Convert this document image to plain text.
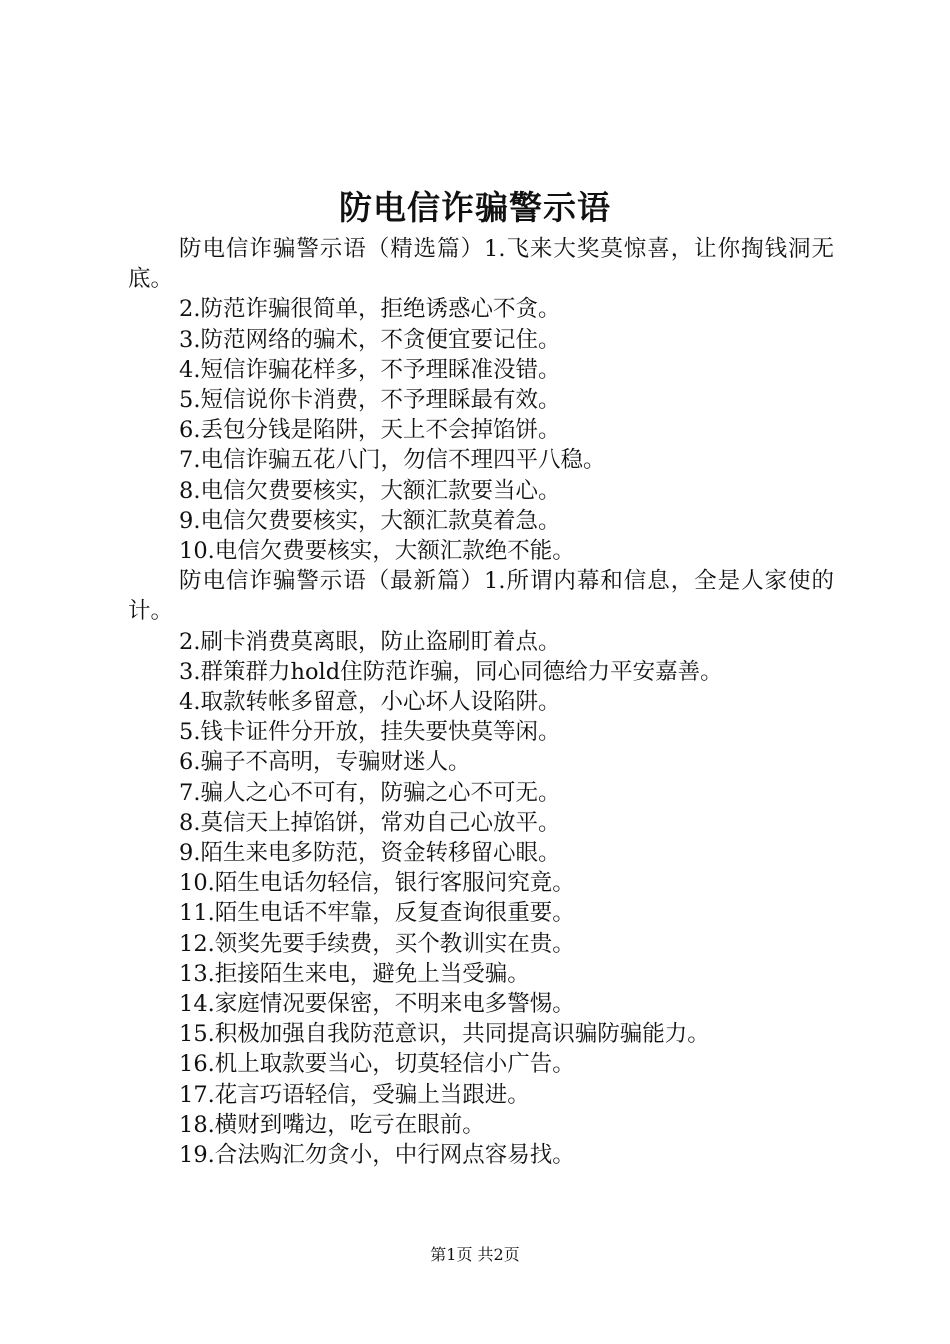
防电信诈骗警示语

防电信诈骗警示语（精选篇）1.飞来大奖莫惊喜，让你掏钱洞无底。

2.防范诈骗很简单，拒绝诱惑心不贪。

3.防范网络的骗术，不贪便宜要记住。

4.短信诈骗花样多，不予理睬准没错。

5.短信说你卡消费，不予理睬最有效。

6.丢包分钱是陷阱，天上不会掉馅饼。

7.电信诈骗五花八门，勿信不理四平八稳。

8.电信欠费要核实，大额汇款要当心。

9.电信欠费要核实，大额汇款莫着急。

10.电信欠费要核实，大额汇款绝不能。

防电信诈骗警示语（最新篇）1.所谓内幕和信息，全是人家使的计。

2.刷卡消费莫离眼，防止盗刷盯着点。

3.群策群力hold住防范诈骗，同心同德给力平安嘉善。

4.取款转帐多留意，小心坏人设陷阱。

5.钱卡证件分开放，挂失要快莫等闲。

6.骗子不高明，专骗财迷人。

7.骗人之心不可有，防骗之心不可无。

8.莫信天上掉馅饼，常劝自己心放平。

9.陌生来电多防范，资金转移留心眼。

10.陌生电话勿轻信，银行客服问究竟。

11.陌生电话不牢靠，反复查询很重要。

12.领奖先要手续费，买个教训实在贵。

13.拒接陌生来电，避免上当受骗。

14.家庭情况要保密，不明来电多警惕。

15.积极加强自我防范意识，共同提高识骗防骗能力。

16.机上取款要当心，切莫轻信小广告。

17.花言巧语轻信，受骗上当跟进。

18.横财到嘴边，吃亏在眼前。

19.合法购汇勿贪小，中行网点容易找。

第1页 共2页
